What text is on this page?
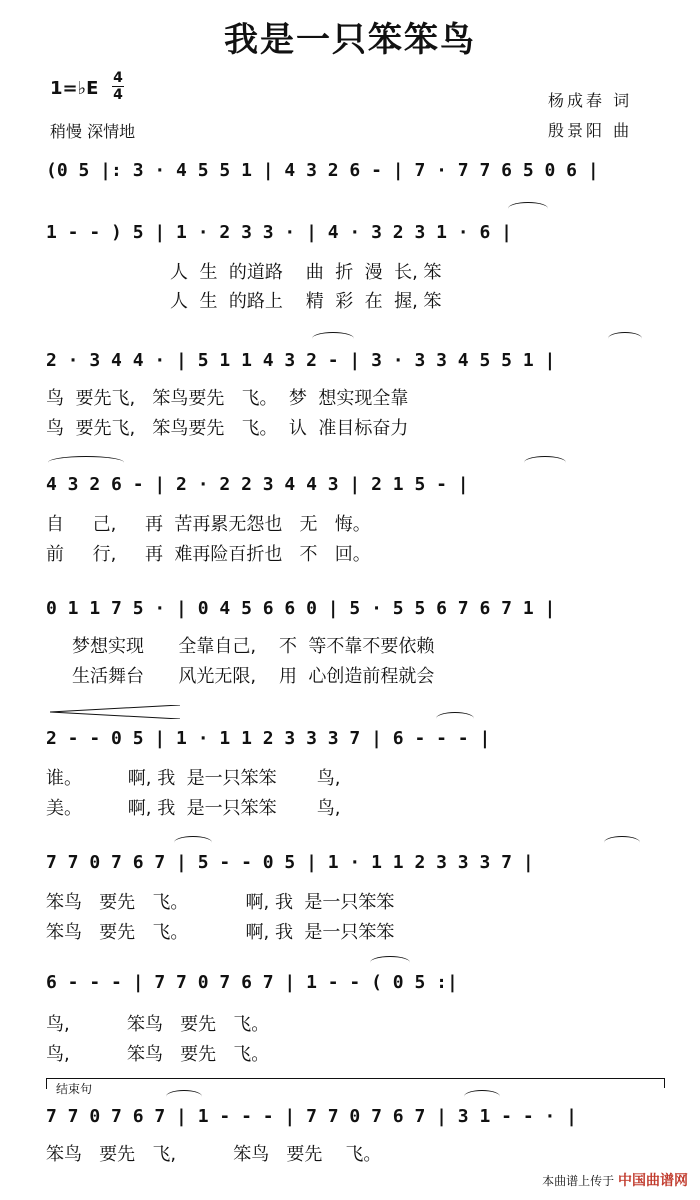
我是一只笨笨鸟
1=♭E 4
4
稍慢 深情地
杨成春 词
殷景阳 曲
(0 5 |: 3 · 4 5 5 1 | 4 3 2 6 - | 7 · 7 7 6 5 0 6 |
1 - - ) 5 | 1 · 2 3 3 · | 4 · 3 2 3 1 · 6 |
人  生  的道路    曲  折  漫  长, 笨
人  生  的路上    精  彩  在  握, 笨
2 · 3 4 4 · | 5 1 1 4 3 2 - | 3 · 3 3 4 5 5 1 |
鸟  要先飞,   笨鸟要先   飞。  梦  想实现全靠
鸟  要先飞,   笨鸟要先   飞。  认  准目标奋力
4 3 2 6 - | 2 · 2 2 3 4 4 3 | 2 1 5 - |
自     己,     再  苦再累无怨也   无   悔。
前     行,     再  难再险百折也   不   回。
0 1 1 7 5 · | 0 4 5 6 6 0 | 5 · 5 5 6 7 6 7 1 |
梦想实现      全靠自己,    不  等不靠不要依赖
生活舞台      风光无限,    用  心创造前程就会
2 - - 0 5 | 1 · 1 1 2 3 3 3 7 | 6 - - - |
谁。        啊, 我  是一只笨笨       鸟,
美。        啊, 我  是一只笨笨       鸟,
7 7 0 7 6 7 | 5 - - 0 5 | 1 · 1 1 2 3 3 3 7 |
笨鸟   要先   飞。          啊, 我  是一只笨笨
笨鸟   要先   飞。          啊, 我  是一只笨笨
6 - - - | 7 7 0 7 6 7 | 1 - - ( 0 5 :|
鸟,          笨鸟   要先   飞。
鸟,          笨鸟   要先   飞。
结束句
7 7 0 7 6 7 | 1 - - - | 7 7 0 7 6 7 | 3 1 - - · |
笨鸟   要先   飞,          笨鸟   要先    飞。
本曲谱上传于 中国曲谱网
